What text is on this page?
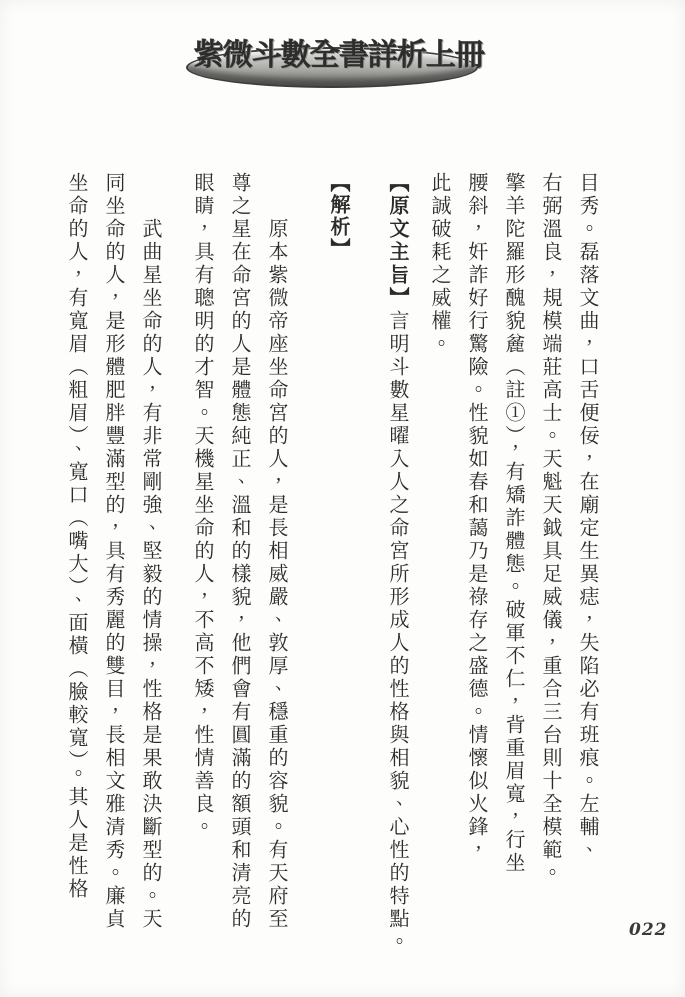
紫微斗數全書詳析上冊
目秀。磊落文曲，口舌便佞，在廟定生異痣，失陷必有班痕。左輔、
右弼溫良，規模端莊高士。天魁天鉞具足威儀，重合三台則十全模範。
擎羊陀羅形醜貌麄（註①），有矯詐體態。破軍不仁，背重眉寬，行坐
腰斜，奸詐好行驚險。性貌如春和藹乃是祿存之盛德。情懷似火鋒，
此誠破耗之威權。
【原文主旨】言明斗數星曜入人之命宮所形成人的性格與相貌、心性的特點。
【解析】
原本紫微帝座坐命宮的人，是長相威嚴、敦厚、穩重的容貌。有天府至
尊之星在命宮的人是體態純正、溫和的樣貌，他們會有圓滿的額頭和清亮的
眼睛，具有聰明的才智。天機星坐命的人，不高不矮，性情善良。
武曲星坐命的人，有非常剛強、堅毅的情操，性格是果敢決斷型的。天
同坐命的人，是形體肥胖豐滿型的，具有秀麗的雙目，長相文雅清秀。廉貞
坐命的人，有寬眉（粗眉）、寬口（嘴大）、面橫（臉較寬）。其人是性格
022
